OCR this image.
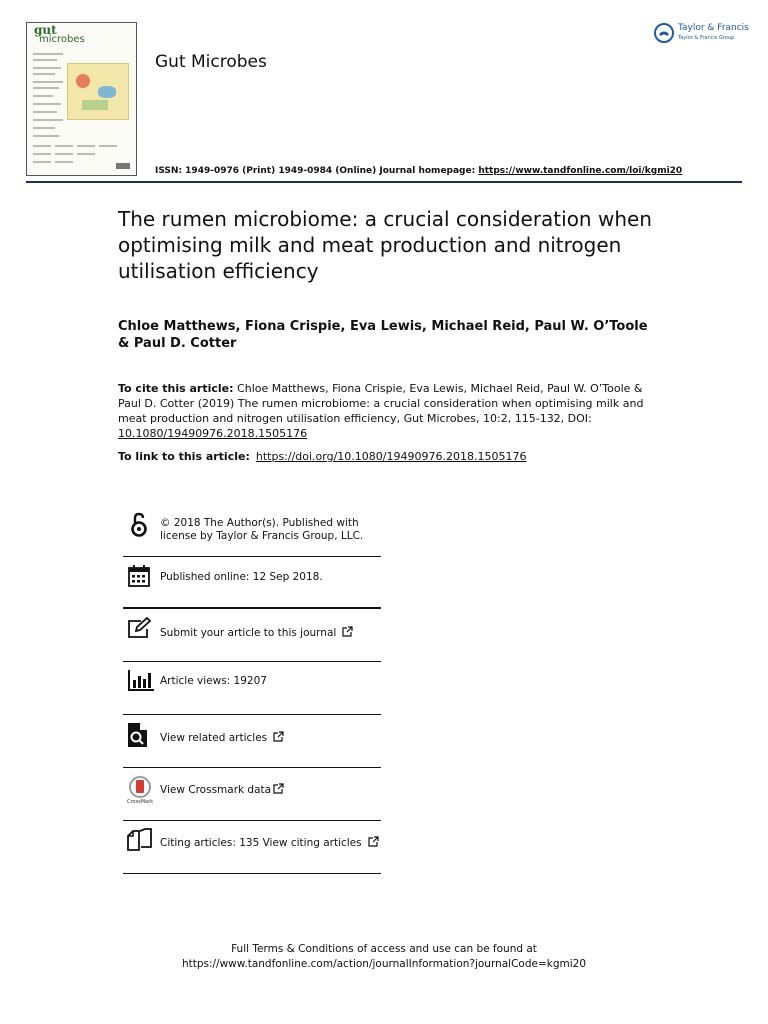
gut
microbes
Gut Microbes
ISSN: 1949-0976 (Print) 1949-0984 (Online) Journal homepage: https://www.tandfonline.com/loi/kgmi20
Taylor & Francis
Taylor & Francis Group
The rumen microbiome: a crucial consideration when optimising milk and meat production and nitrogen utilisation efficiency
Chloe Matthews, Fiona Crispie, Eva Lewis, Michael Reid, Paul W. O’Toole & Paul D. Cotter
To cite this article: Chloe Matthews, Fiona Crispie, Eva Lewis, Michael Reid, Paul W. O’Toole & Paul D. Cotter (2019) The rumen microbiome: a crucial consideration when optimising milk and meat production and nitrogen utilisation efficiency, Gut Microbes, 10:2, 115-132, DOI: 10.1080/19490976.2018.1505176
To link to this article: https://doi.org/10.1080/19490976.2018.1505176
© 2018 The Author(s). Published with
license by Taylor & Francis Group, LLC.
Published online: 12 Sep 2018.
Submit your article to this journal
Article views: 19207
View related articles
CrossMark
View Crossmark data
Citing articles: 135 View citing articles
Full Terms & Conditions of access and use can be found at
https://www.tandfonline.com/action/journalInformation?journalCode=kgmi20
